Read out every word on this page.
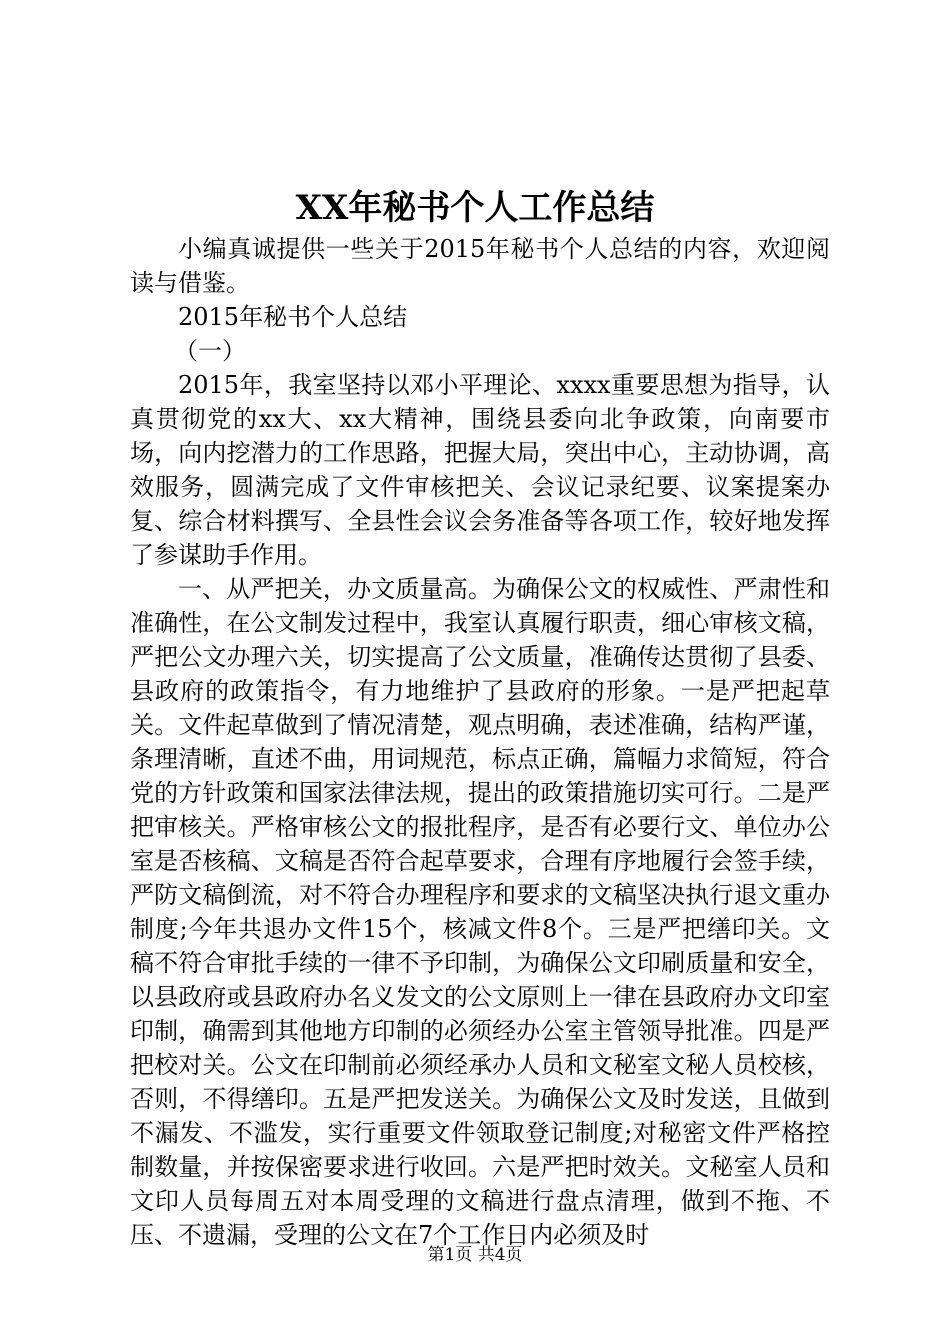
XX年秘书个人工作总结

小编真诚提供一些关于2015年秘书个人总结的内容，欢迎阅读与借鉴。

2015年秘书个人总结

（一）

2015年，我室坚持以邓小平理论、xxxx重要思想为指导，认真贯彻党的xx大、xx大精神，围绕县委向北争政策，向南要市场，向内挖潜力的工作思路，把握大局，突出中心，主动协调，高效服务，圆满完成了文件审核把关、会议记录纪要、议案提案办复、综合材料撰写、全县性会议会务准备等各项工作，较好地发挥了参谋助手作用。

一、从严把关，办文质量高。为确保公文的权威性、严肃性和准确性，在公文制发过程中，我室认真履行职责，细心审核文稿，严把公文办理六关，切实提高了公文质量，准确传达贯彻了县委、县政府的政策指令，有力地维护了县政府的形象。一是严把起草关。文件起草做到了情况清楚，观点明确，表述准确，结构严谨，条理清晰，直述不曲，用词规范，标点正确，篇幅力求简短，符合党的方针政策和国家法律法规，提出的政策措施切实可行。二是严把审核关。严格审核公文的报批程序，是否有必要行文、单位办公室是否核稿、文稿是否符合起草要求，合理有序地履行会签手续，严防文稿倒流，对不符合办理程序和要求的文稿坚决执行退文重办制度;今年共退办文件15个，核减文件8个。三是严把缮印关。文稿不符合审批手续的一律不予印制，为确保公文印刷质量和安全，以县政府或县政府办名义发文的公文原则上一律在县政府办文印室印制，确需到其他地方印制的必须经办公室主管领导批准。四是严把校对关。公文在印制前必须经承办人员和文秘室文秘人员校核，否则，不得缮印。五是严把发送关。为确保公文及时发送，且做到不漏发、不滥发，实行重要文件领取登记制度;对秘密文件严格控制数量，并按保密要求进行收回。六是严把时效关。文秘室人员和文印人员每周五对本周受理的文稿进行盘点清理，做到不拖、不压、不遗漏，受理的公文在7个工作日内必须及时

第1页 共4页
